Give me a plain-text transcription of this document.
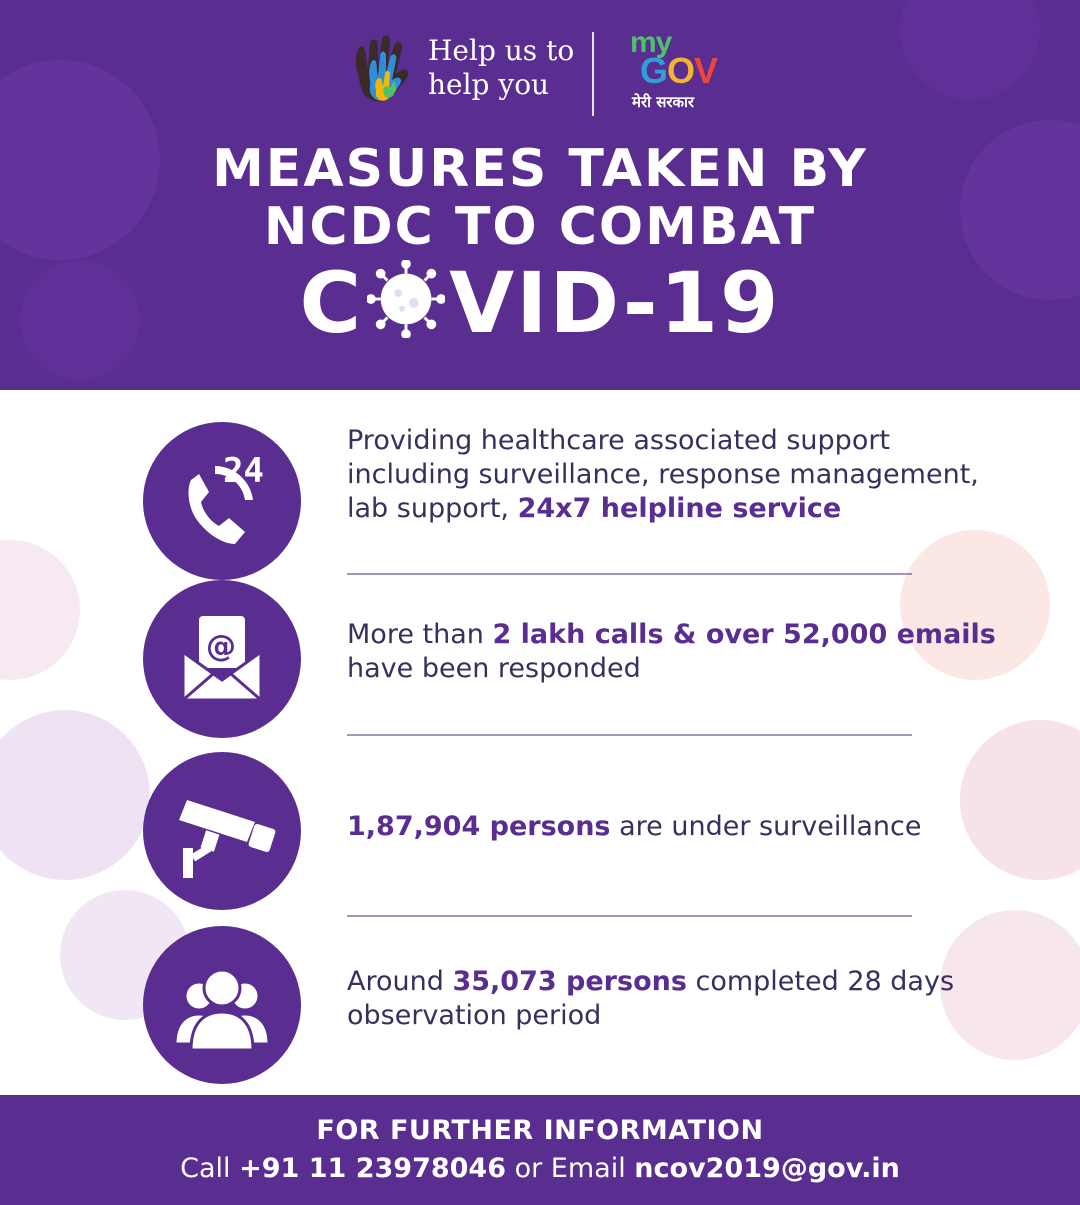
Help us to
help you
my
GOV
मेरी सरकार
MEASURES TAKEN BY
NCDC TO COMBAT
C VID-19
24
Providing healthcare associated support including surveillance, response management, lab support, 24x7 helpline service
@	More than 2 lakh calls & over 52,000 emails have been responded
1,87,904 persons are under surveillance
Around 35,073 persons completed 28 days observation period
FOR FURTHER INFORMATION
Call +91 11 23978046 or Email ncov2019@gov.in
